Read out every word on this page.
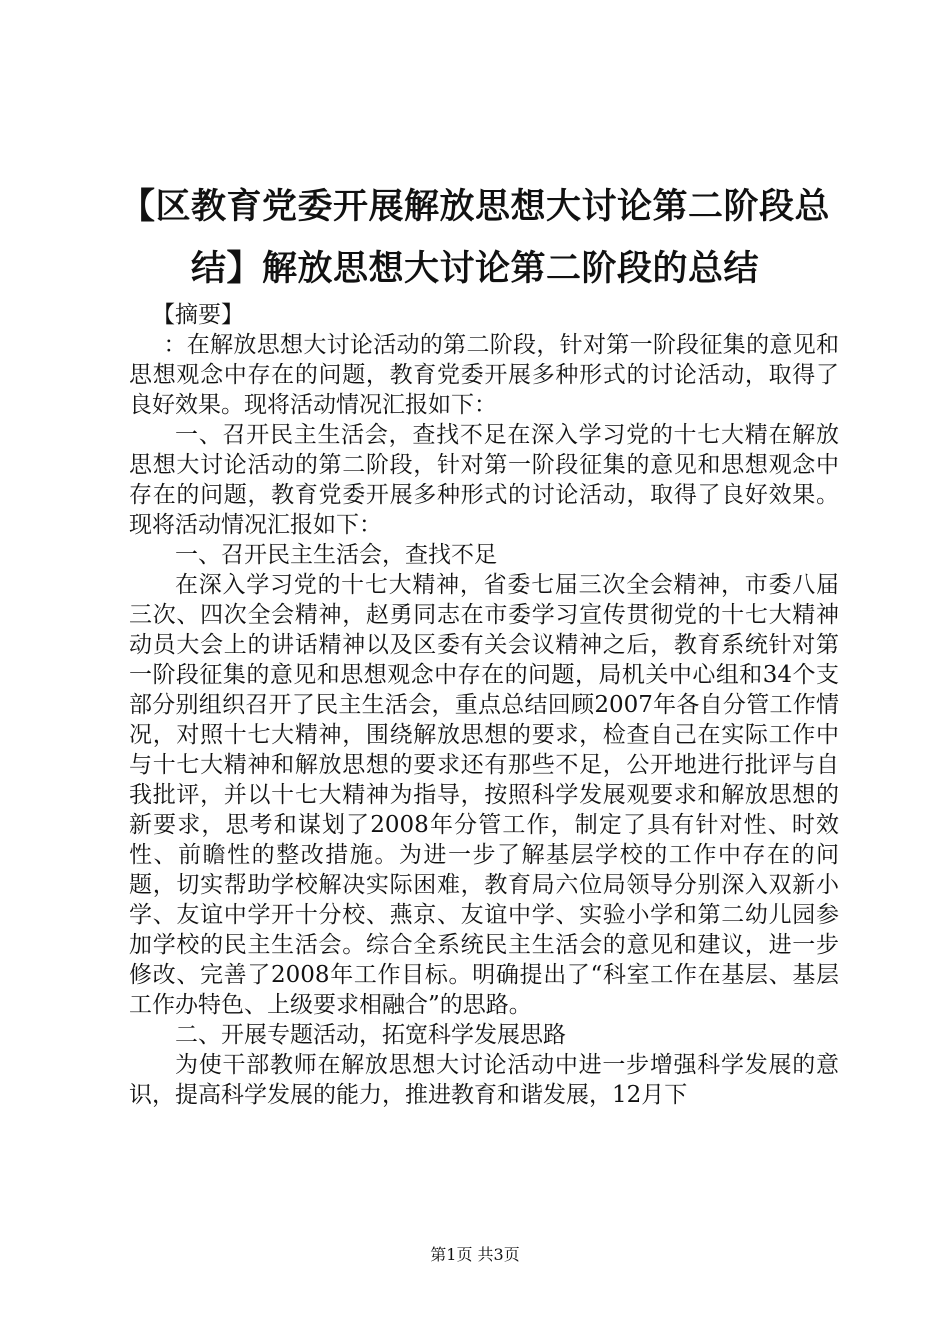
【区教育党委开展解放思想大讨论第二阶段总结】解放思想大讨论第二阶段的总结

【摘要】

：在解放思想大讨论活动的第二阶段，针对第一阶段征集的意见和思想观念中存在的问题，教育党委开展多种形式的讨论活动，取得了良好效果。现将活动情况汇报如下：

一、召开民主生活会，查找不足在深入学习党的十七大精在解放思想大讨论活动的第二阶段，针对第一阶段征集的意见和思想观念中存在的问题，教育党委开展多种形式的讨论活动，取得了良好效果。现将活动情况汇报如下：

一、召开民主生活会，查找不足

在深入学习党的十七大精神，省委七届三次全会精神，市委八届三次、四次全会精神，赵勇同志在市委学习宣传贯彻党的十七大精神动员大会上的讲话精神以及区委有关会议精神之后，教育系统针对第一阶段征集的意见和思想观念中存在的问题，局机关中心组和34个支部分别组织召开了民主生活会，重点总结回顾2007年各自分管工作情况，对照十七大精神，围绕解放思想的要求，检查自己在实际工作中与十七大精神和解放思想的要求还有那些不足，公开地进行批评与自我批评，并以十七大精神为指导，按照科学发展观要求和解放思想的新要求，思考和谋划了2008年分管工作，制定了具有针对性、时效性、前瞻性的整改措施。为进一步了解基层学校的工作中存在的问题，切实帮助学校解决实际困难，教育局六位局领导分别深入双新小学、友谊中学开十分校、燕京、友谊中学、实验小学和第二幼儿园参加学校的民主生活会。综合全系统民主生活会的意见和建议，进一步修改、完善了2008年工作目标。明确提出了“科室工作在基层、基层工作办特色、上级要求相融合”的思路。

二、开展专题活动，拓宽科学发展思路

为使干部教师在解放思想大讨论活动中进一步增强科学发展的意识，提高科学发展的能力，推进教育和谐发展，12月下

第1页 共3页
